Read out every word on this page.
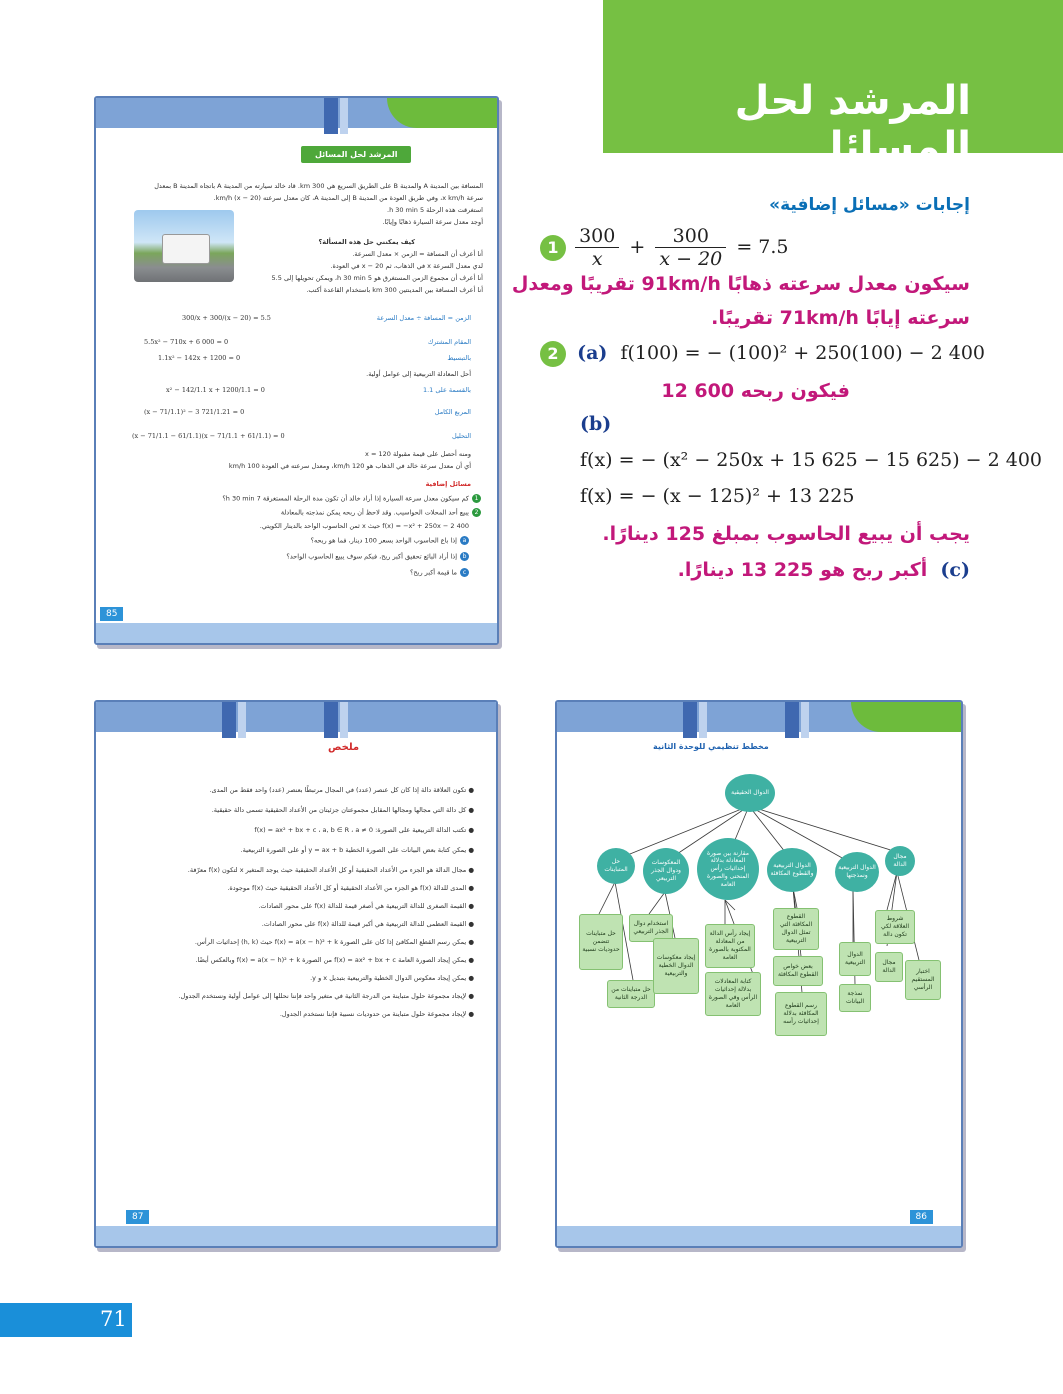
المرشد لحل المسائل
المرشد لحل المسائل
المسافة بين المدينة A والمدينة B على الطريق السريع هي 300 km. قاد خالد سيارته من المدينة A باتجاه المدينة B بمعدل
سرعة x km/h، وفي طريق العودة من المدينة B إلى المدينة A، كان معدل سرعته (x − 20) km/h.
استغرقت هذه الرحلة 5 h 30 min.
أوجد معدل سرعة السيارة ذهابًا وإيابًا.
كيف يمكنني حل هذه المسألة؟
أنا أعرف أن المسافة = الزمن × معدل السرعة.
لدي معدل السرعة x في الذهاب، ثم x − 20 في العودة.
أنا أعرف أن مجموع الزمن المستغرق هو 5 h 30 min، ويمكن تحويلها إلى 5.5
أنا أعرف المسافة بين المدينتين 300 km باستخدام القاعدة أكتب.
300/x + 300/(x − 20) = 5.5	الزمن = المسافة ÷ معدل السرعة
5.5x² − 710x + 6 000 = 0	المقام المشترك
1.1x² − 142x + 1200 = 0	بالتبسيط
أحل المعادلة التربيعية إلى عوامل أولية.
x² − 142/1.1 x + 1200/1.1 = 0	بالقسمة على 1.1
(x − 71/1.1)² − 3 721/1.21 = 0	المربع الكامل
(x − 71/1.1 − 61/1.1)(x − 71/1.1 + 61/1.1) = 0	التحليل
ومنه أحصل على قيمة مقبولة x = 120
أي أن معدل سرعة خالد في الذهاب هو 120 km/h، ومعدل سرعته في العودة 100 km/h
مسائل إضافية
1كم سيكون معدل سرعة السيارة إذا أراد خالد أن تكون مدة الرحلة المستغرقة 7 h 30 min؟
2يبيع أحد المحلات الحواسيب. وقد لاحظ أن ربحه يمكن نمذجته بالمعادلة
f(x) = −x² + 250x − 2 400 حيث x ثمن الحاسوب الواحد بالدينار الكويتي.
aإذا باع الحاسوب الواحد بسعر 100 دينار، فما هو ربحه؟
bإذا أراد البائع تحقيق أكبر ربح، فبكم سوف يبيع الحاسوب الواحد؟
cما قيمة أكبر ربح؟
85
إجابات «مسائل إضافية»
$1 \frac{300}{x} + \frac{300}{x - 20} = 7.5$
سيكون معدل سرعته ذهابًا 91km/h تقريبًا ومعدل
سرعته إيابًا 71km/h تقريبًا.
2 (a) f(100) = − (100)² + 250(100) − 2 400
فيكون ربحه 600 12
(b)
f(x) = − (x² − 250x + 15 625 − 15 625) − 2 400
f(x) = − (x − 125)² + 13 225
يجب أن يبيع الحاسوب بمبلغ 125 دينارًا.
(c) أكبر ربح هو 225 13 دينارًا.
ملخص
● تكون العلاقة دالة إذا كان كل عنصر (عدد) في المجال مرتبطًا بعنصر (عدد) واحد فقط من المدى.
● كل دالة التي مجالها ومجالها المقابل مجموعتان جزئيتان من الأعداد الحقيقية تسمى دالة حقيقية.
● تكتب الدالة التربيعية على الصورة: f(x) = ax² + bx + c ، a, b ∈ R ، a ≠ 0
● يمكن كتابة بعض البيانات على الصورة الخطية y = ax + b أو على الصورة التربيعية.
● مجال الدالة هو الجزء من الأعداد الحقيقية أو كل الأعداد الحقيقية حيث يوجد المتغير x لتكون f(x) معرّفة.
● المدى للدالة f(x) هو الجزء من الأعداد الحقيقية أو كل الأعداد الحقيقية حيث f(x) موجودة.
● القيمة الصغرى للدالة التربيعية هي أصغر قيمة للدالة f(x) على محور الصادات.
● القيمة العظمى للدالة التربيعية هي أكبر قيمة للدالة f(x) على محور الصادات.
● يمكن رسم القطع المكافئ إذا كان على الصورة f(x) = a(x − h)² + k حيث (h, k) إحداثيات الرأس.
● يمكن إيجاد الصورة العامة f(x) = ax² + bx + c من الصورة f(x) = a(x − h)² + k وبالعكس أيضًا.
● يمكن إيجاد معكوس الدوال الخطية والتربيعية بتبديل x و y.
● لإيجاد مجموعة حلول متباينة من الدرجة الثانية في متغير واحد فإننا نحللها إلى عوامل أولية ونستخدم الجدول.
● لإيجاد مجموعة حلول متباينة من حدوديات نسبية فإننا نستخدم الجدول.
87
مخطط تنظيمي للوحدة الثانية
الدوال الحقيقية
حل المتباينات
المعكوسات ودوال الجذر التربيعي
مقارنة بين صورة المعادلة بدلالة إحداثيات رأس المنحنى والصورة العامة
الدوال التربيعية والقطوع المكافئة
الدوال التربيعية ونمذجتها
مجال الدالة
حل متباينات تتضمن حدوديات نسبية
حل متباينات من الدرجة الثانية
استخدام دوال الجذر التربيعي
إيجاد معكوسات الدوال الخطية والتربيعية
إيجاد رأس الدالة من المعادلة المكتوبة بالصورة العامة
كتابة المعادلات بدلالة إحداثيات الرأس وفي الصورة العامة
القطوع المكافئة التي تمثل الدوال التربيعية
بعض خواص القطوع المكافئة
رسم القطوع المكافئة بدلالة إحداثيات رأسه
الدوال التربيعية
نمذجة البيانات
شروط العلاقة لكي تكون دالة
مجال الدالة	اختبار المستقيم الرأسي
86
71
